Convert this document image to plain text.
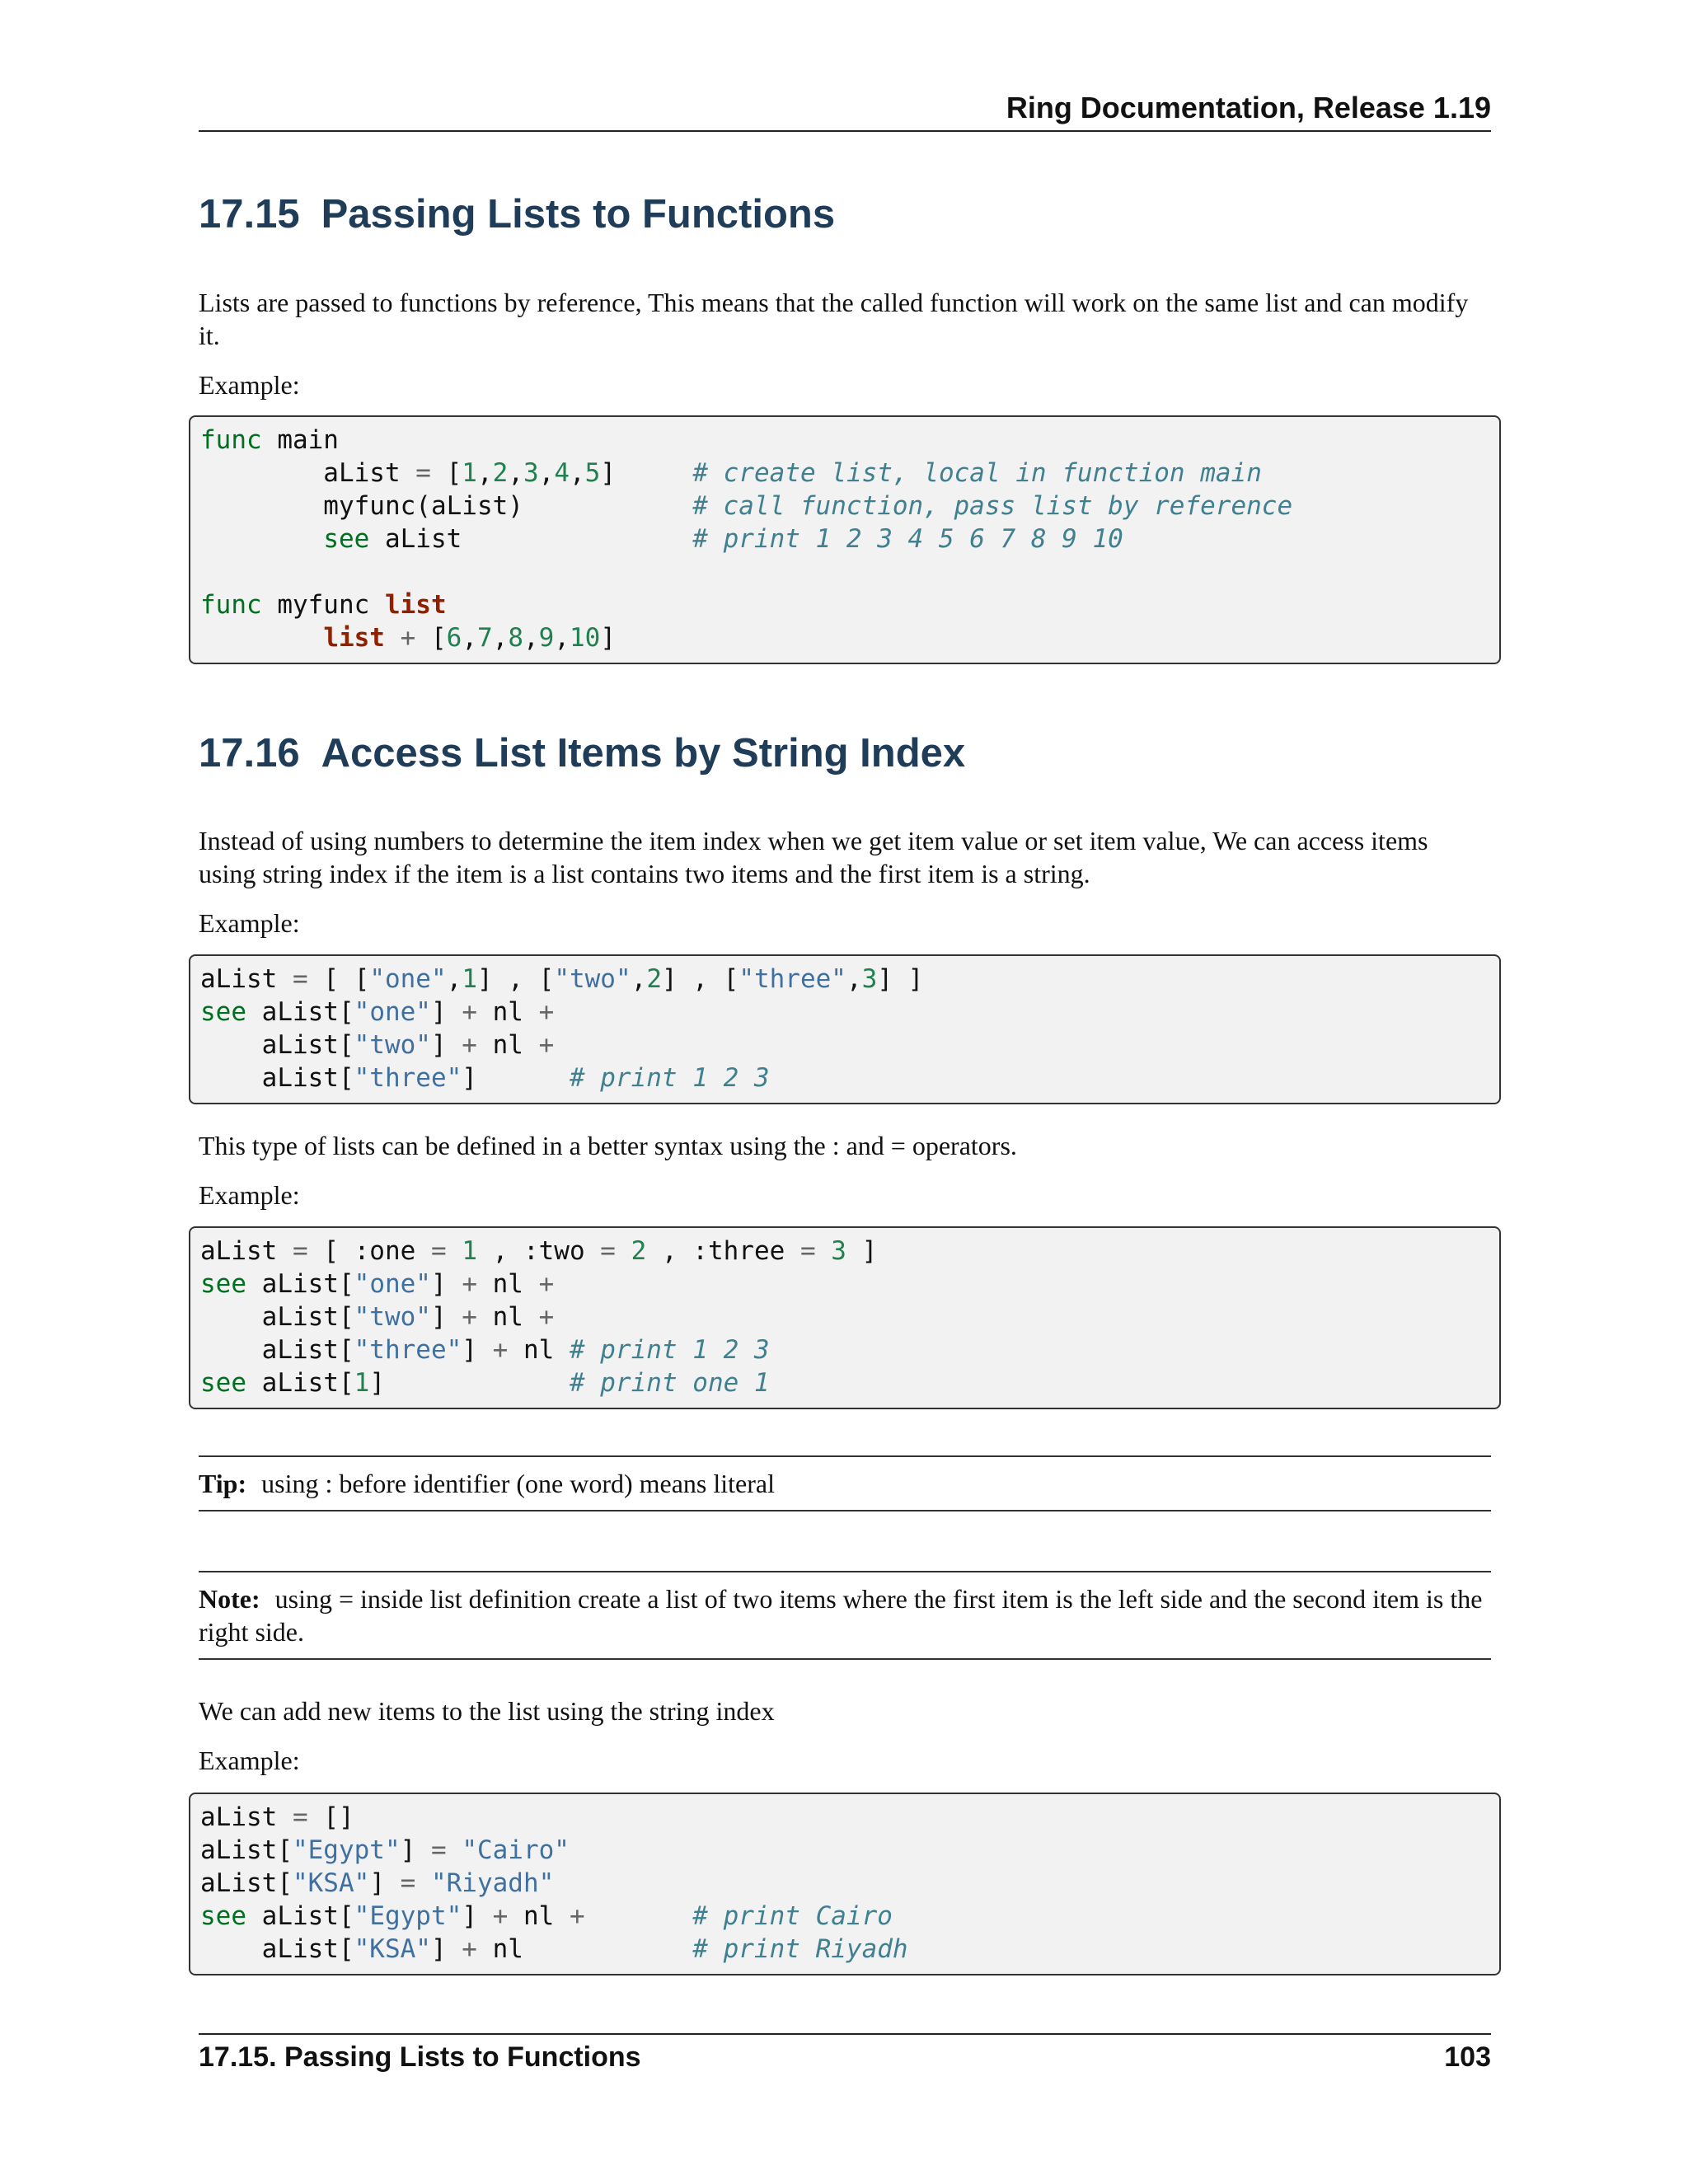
Ring Documentation, Release 1.19
17.15 Passing Lists to Functions

Lists are passed to functions by reference, This means that the called function will work on the same list and can modify it.

Example:

func main
aList = [1,2,3,4,5]     # create list, local in function main
myfunc(aList)	# call function, pass list by reference
see aList               # print 1 2 3 4 5 6 7 8 9 10

func myfunc list
list + [6,7,8,9,10]
17.16 Access List Items by String Index

Instead of using numbers to determine the item index when we get item value or set item value, We can access items using string index if the item is a list contains two items and the first item is a string.

Example:

aList = [ ["one",1] , ["two",2] , ["three",3] ]
see aList["one"] + nl +
aList["two"] + nl +
aList["three"]      # print 1 2 3

This type of lists can be defined in a better syntax using the : and = operators.

Example:

aList = [ :one = 1 , :two = 2 , :three = 3 ]
see aList["one"] + nl +
aList["two"] + nl +
aList["three"] + nl # print 1 2 3
see aList[1]            # print one 1
Tip: using : before identifier (one word) means literal
Note: using = inside list definition create a list of two items where the first item is the left side and the second item is the right side.

We can add new items to the list using the string index

Example:

aList = []
aList["Egypt"] = "Cairo"
aList["KSA"] = "Riyadh"
see aList["Egypt"] + nl +	# print Cairo
aList["KSA"] + nl           # print Riyadh
17.15. Passing Lists to Functions	103
